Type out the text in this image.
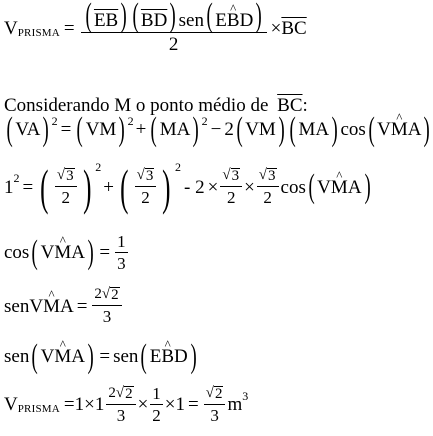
V PRISMA = $\frac{( \overline{EB}) ( \overline{BD}) sen( E\^{} BD)}{2} \times \overline{BC}$
Considerando M o ponto médio de $\overline{BC}$:
( VA ) 2 = ( VM ) 2 + ( MA ) 2 − 2 ( VM ) ( MA ) cos ( V ^ M A )
1 2 = ( $\frac{√ 3}{2}$ ) 2
+ ( $\frac{√ 3}{2}$ ) 2
- $2 \times \frac{√ 3}{2} \times \frac{√ 3}{2}$ cos ( V ^ M A )
cos ( V ^ M A ) = $\frac{1}{3}$
senV ^ M $A = \frac{2 √ 2}{3}$
sen ( V ^ M A ) = sen ( E ^ B D )
V PRISMA $=1 \times 1 \frac{2 √ 2}{3} \times \frac{1}{2} \times 1 = \frac{√ 2}{3}$ m 3
